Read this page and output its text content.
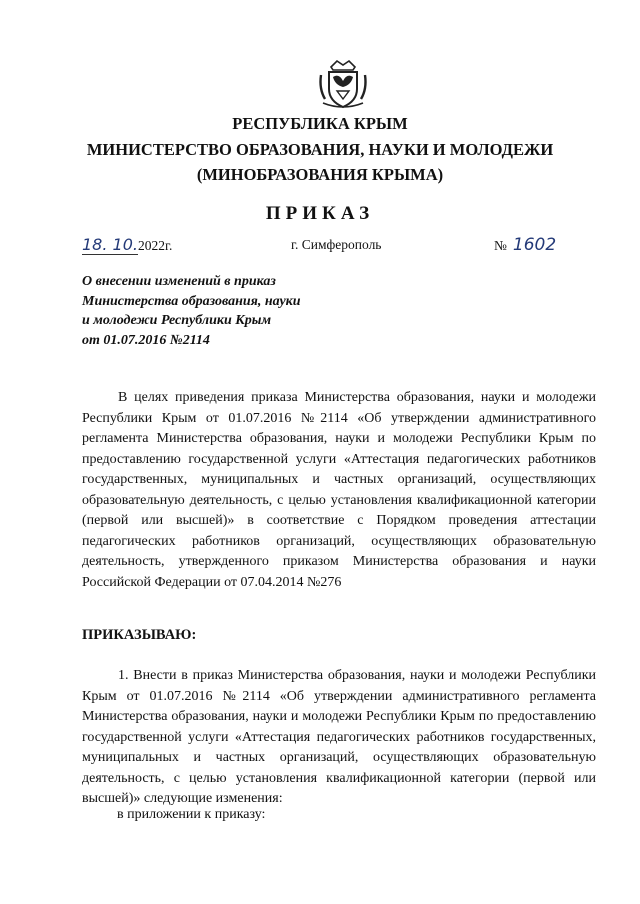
РЕСПУБЛИКА КРЫМ
МИНИСТЕРСТВО ОБРАЗОВАНИЯ, НАУКИ И МОЛОДЕЖИ
(МИНОБРАЗОВАНИЯ КРЫМА)
ПРИКАЗ
18. 10.2022г.	г. Симферополь	№ 1602
О внесении изменений в приказ
Министерства образования, науки
и молодежи Республики Крым
от 01.07.2016 №2114

В целях приведения приказа Министерства образования, науки и молодежи Республики Крым от 01.07.2016 №2114 «Об утверждении административного регламента Министерства образования, науки и молодежи Республики Крым по предоставлению государственной услуги «Аттестация педагогических работников государственных, муниципальных и частных организаций, осуществляющих образовательную деятельность, с целью установления квалификационной категории (первой или высшей)» в соответствие с Порядком проведения аттестации педагогических работников организаций, осуществляющих образовательную деятельность, утвержденного приказом Министерства образования и науки Российской Федерации от 07.04.2014 №276

ПРИКАЗЫВАЮ:

1. Внести в приказ Министерства образования, науки и молодежи Республики Крым от 01.07.2016 №2114 «Об утверждении административного регламента Министерства образования, науки и молодежи Республики Крым по предоставлению государственной услуги «Аттестация педагогических работников государственных, муниципальных и частных организаций, осуществляющих образовательную деятельность, с целью установления квалификационной категории (первой или высшей)» следующие изменения:

в приложении к приказу:
